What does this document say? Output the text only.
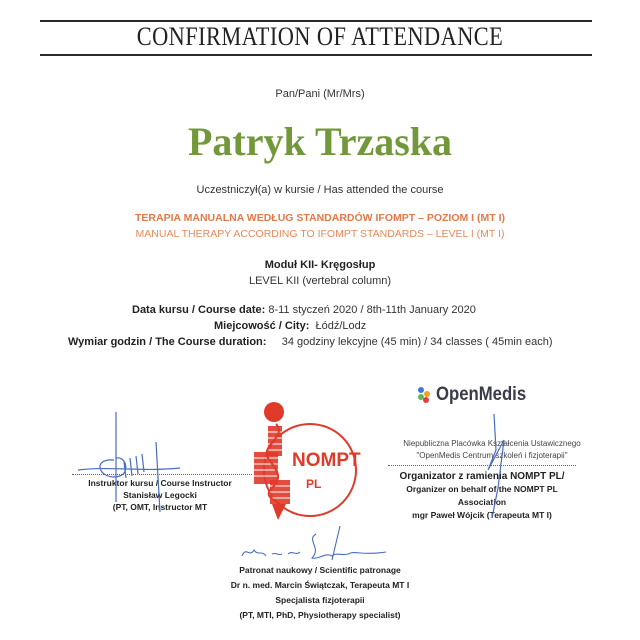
CONFIRMATION OF ATTENDANCE
Pan/Pani (Mr/Mrs)
Patryk Trzaska
Uczestniczył(a) w kursie / Has attended the course
TERAPIA MANUALNA WEDŁUG STANDARDÓW IFOMPT – POZIOM I (MT I)
MANUAL THERAPY ACCORDING TO IFOMPT STANDARDS – LEVEL I (MT I)
Moduł KII- Kręgosłup
LEVEL KII (vertebral column)
Data kursu / Course date: 8-11 styczeń 2020 / 8th-11th January 2020
Miejcowość / City: Łódź/Lodz
Wymiar godzin / The Course duration: 34 godziny lekcyjne (45 min) / 34 classes ( 45min each)
OpenMedis
Niepubliczna Placówka Kształcenia Ustawicznego
"OpenMedis Centrum szkoleń i fizjoterapii"
Instruktor kursu / Course Instructor
Stanisław Legocki
(PT, OMT, Instructor MT
Organizator z ramienia NOMPT PL/
Organizer on behalf of the NOMPT PL
Association
mgr Paweł Wójcik (Terapeuta MT I)
NOMPT
PL
Patronat naukowy / Scientific patronage
Dr n. med. Marcin Świątczak, Terapeuta MT I
Specjalista fizjoterapii
(PT, MTI, PhD, Physiotherapy specialist)
